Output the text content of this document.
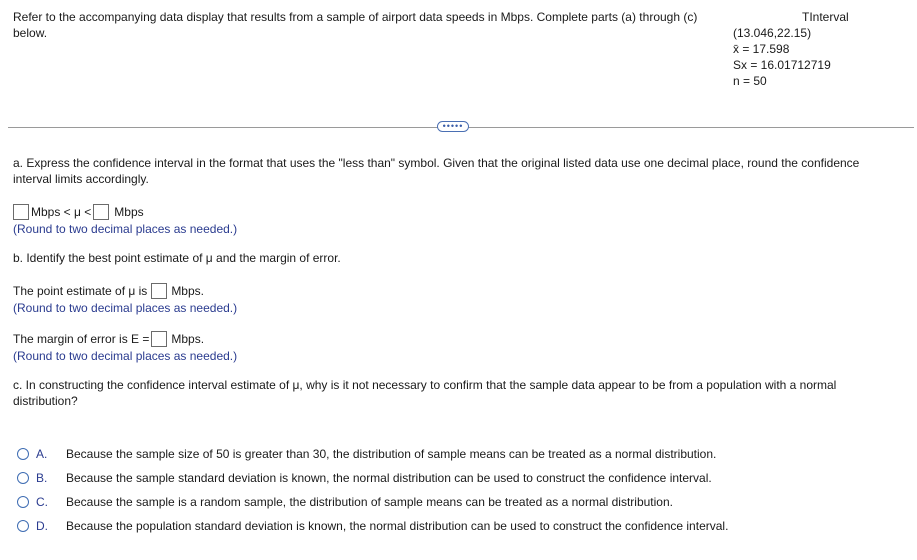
Refer to the accompanying data display that results from a sample of airport data speeds in Mbps. Complete parts (a) through (c) below.
TInterval
(13.046,22.15)
x̄ = 17.598
Sx = 16.01712719
n = 50
•••••
a. Express the confidence interval in the format that uses the "less than" symbol. Given that the original listed data use one decimal place, round the confidence interval limits accordingly.
Mbps < μ < Mbps
(Round to two decimal places as needed.)
b. Identify the best point estimate of μ and the margin of error.
The point estimate of μ is Mbps.
(Round to two decimal places as needed.)
The margin of error is E = Mbps.
(Round to two decimal places as needed.)
c. In constructing the confidence interval estimate of μ, why is it not necessary to confirm that the sample data appear to be from a population with a normal distribution?
A.	Because the sample size of 50 is greater than 30, the distribution of sample means can be treated as a normal distribution.
B.	Because the sample standard deviation is known, the normal distribution can be used to construct the confidence interval.
C.	Because the sample is a random sample, the distribution of sample means can be treated as a normal distribution.
D.	Because the population standard deviation is known, the normal distribution can be used to construct the confidence interval.
